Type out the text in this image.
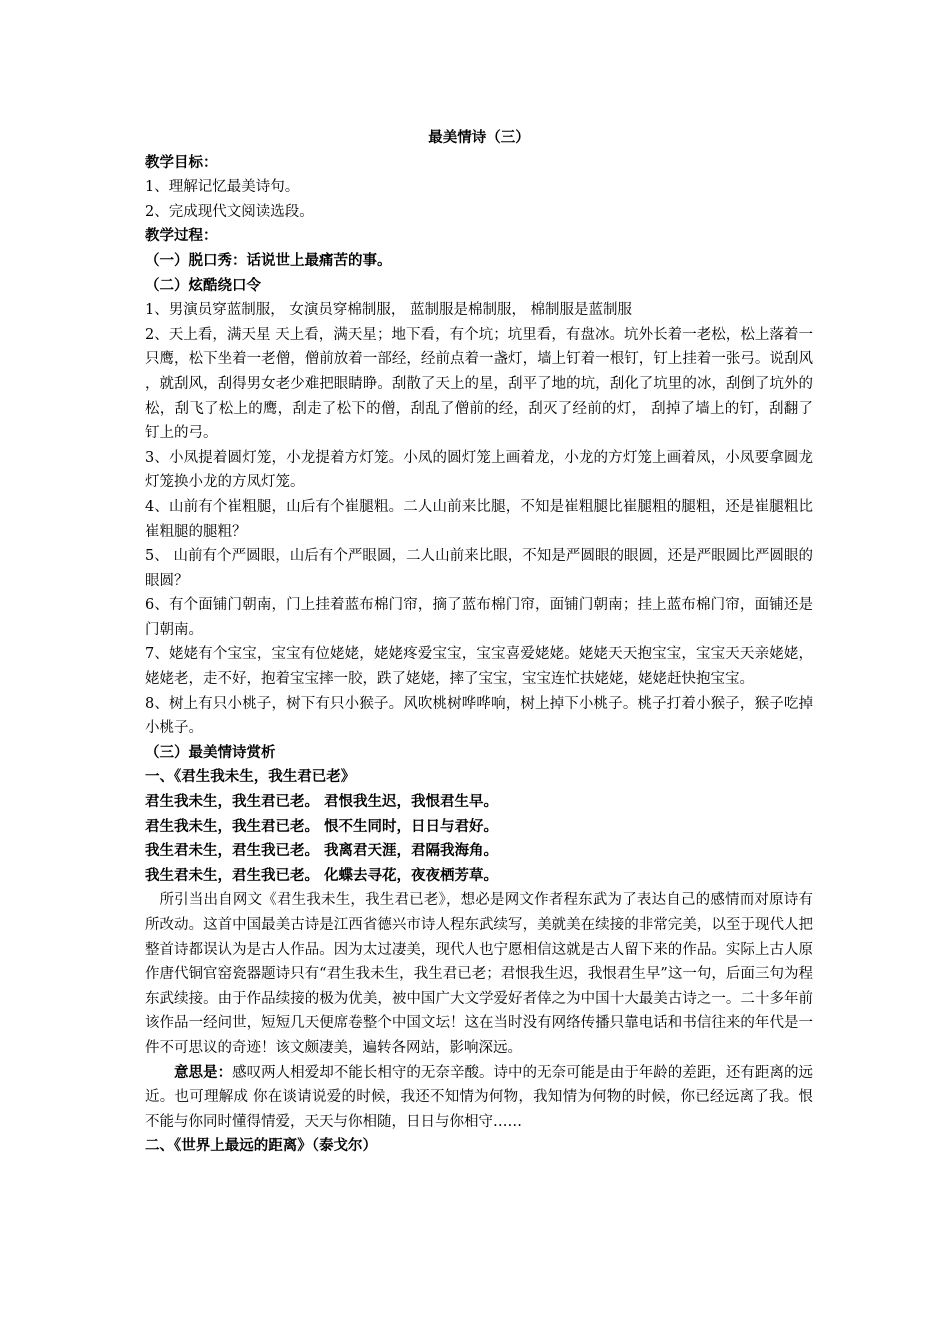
最美情诗（三）

教学目标：

1、理解记忆最美诗句。

2、完成现代文阅读选段。

教学过程：

（一）脱口秀：话说世上最痛苦的事。

（二）炫酷绕口令

1、男演员穿蓝制服， 女演员穿棉制服， 蓝制服是棉制服， 棉制服是蓝制服

2、天上看，满天星 天上看，满天星；地下看，有个坑；坑里看，有盘冰。坑外长着一老松，松上落着一只鹰，松下坐着一老僧，僧前放着一部经，经前点着一盏灯，墙上钉着一根钉，钉上挂着一张弓。说刮风，就刮风，刮得男女老少难把眼睛睁。刮散了天上的星，刮平了地的坑，刮化了坑里的冰，刮倒了坑外的松，刮飞了松上的鹰，刮走了松下的僧，刮乱了僧前的经，刮灭了经前的灯， 刮掉了墙上的钉，刮翻了钉上的弓。

3、小凤提着圆灯笼，小龙提着方灯笼。小凤的圆灯笼上画着龙，小龙的方灯笼上画着凤，小凤要拿圆龙灯笼换小龙的方凤灯笼。

4、山前有个崔粗腿，山后有个崔腿粗。二人山前来比腿，不知是崔粗腿比崔腿粗的腿粗，还是崔腿粗比崔粗腿的腿粗？

5、 山前有个严圆眼，山后有个严眼圆，二人山前来比眼，不知是严圆眼的眼圆，还是严眼圆比严圆眼的眼圆？

6、有个面铺门朝南，门上挂着蓝布棉门帘，摘了蓝布棉门帘，面铺门朝南；挂上蓝布棉门帘，面铺还是门朝南。

7、姥姥有个宝宝，宝宝有位姥姥，姥姥疼爱宝宝，宝宝喜爱姥姥。姥姥天天抱宝宝，宝宝天天亲姥姥，姥姥老，走不好，抱着宝宝摔一胶，跌了姥姥，摔了宝宝，宝宝连忙扶姥姥，姥姥赶快抱宝宝。

8、树上有只小桃子，树下有只小猴子。风吹桃树哗哗响，树上掉下小桃子。桃子打着小猴子，猴子吃掉小桃子。

（三）最美情诗赏析

一、《君生我未生，我生君已老》

君生我未生，我生君已老。 君恨我生迟，我恨君生早。

君生我未生，我生君已老。 恨不生同时，日日与君好。

我生君未生，君生我已老。 我离君天涯，君隔我海角。

我生君未生，君生我已老。 化蝶去寻花，夜夜栖芳草。

所引当出自网文《君生我未生，我生君已老》，想必是网文作者程东武为了表达自己的感情而对原诗有所改动。这首中国最美古诗是江西省德兴市诗人程东武续写，美就美在续接的非常完美，以至于现代人把整首诗都误认为是古人作品。因为太过凄美，现代人也宁愿相信这就是古人留下来的作品。实际上古人原作唐代铜官窑瓷器题诗只有“君生我未生，我生君已老；君恨我生迟，我恨君生早”这一句，后面三句为程东武续接。由于作品续接的极为优美，被中国广大文学爱好者倖之为中国十大最美古诗之一。二十多年前该作品一经问世，短短几天便席卷整个中国文坛！这在当时没有网络传播只靠电话和书信往来的年代是一件不可思议的奇迹！该文颇凄美，遍转各网站，影响深远。

意思是：感叹两人相爱却不能长相守的无奈辛酸。诗中的无奈可能是由于年龄的差距，还有距离的远近。也可理解成 你在谈请说爱的时候，我还不知情为何物，我知情为何物的时候，你已经远离了我。恨不能与你同时懂得情爱，天天与你相随，日日与你相守……

二、《世界上最远的距离》（泰戈尔）
